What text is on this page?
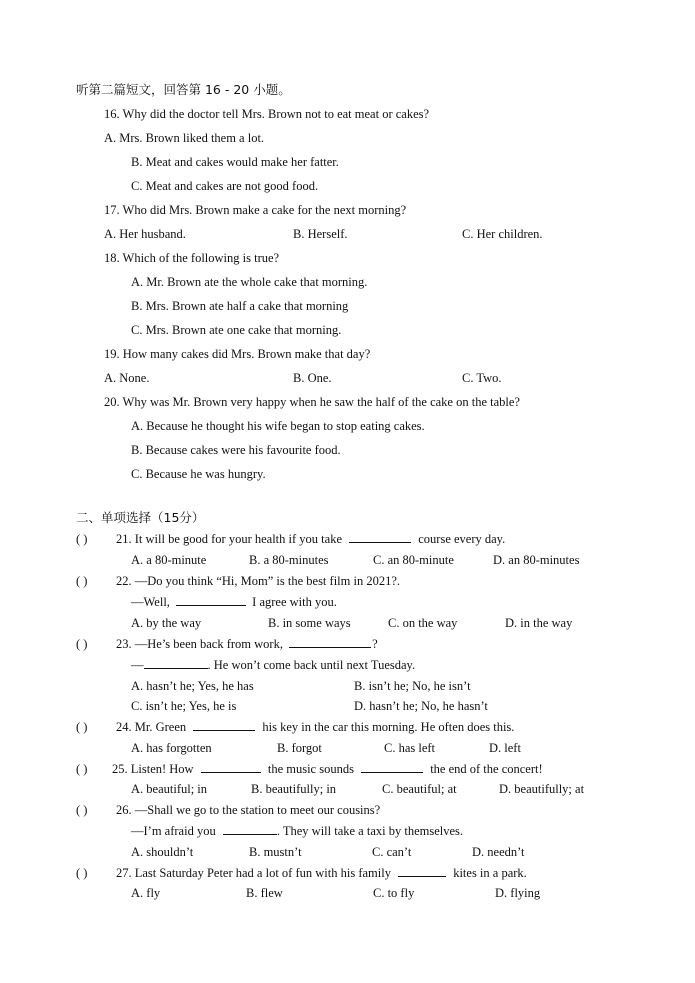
听第二篇短文，回答第 16 - 20 小题。
16. Why did the doctor tell Mrs. Brown not to eat meat or cakes?
A. Mrs. Brown liked them a lot.
B. Meat and cakes would make her fatter.
C. Meat and cakes are not good food.
17. Who did Mrs. Brown make a cake for the next morning?
A. Her husband.	B. Herself.	C. Her children.
18. Which of the following is true?
A. Mr. Brown ate the whole cake that morning.
B. Mrs. Brown ate half a cake that morning
C. Mrs. Brown ate one cake that morning.
19. How many cakes did Mrs. Brown make that day?
A. None.	B. One.	C. Two.
20. Why was Mr. Brown very happy when he saw the half of the cake on the table?
A. Because he thought his wife began to stop eating cakes.
B. Because cakes were his favourite food.
C. Because he was hungry.
二、单项选择（15分）
( ) 21. It will be good for your health if you take	course every day.
A. a 80-minute	B. a 80-minutes	C. an 80-minute	D. an 80-minutes
( ) 22. —Do you think “Hi, Mom” is the best film in 2021?.
—Well,	I agree with you.
A. by the way	B. in some ways	C. on the way	D. in the way
( ) 23. —He’s been back from work,	?
—	. He won’t come back until next Tuesday.
A. hasn’t he; Yes, he has	B. isn’t he; No, he isn’t
C. isn’t he; Yes, he is	D. hasn’t he; No, he hasn’t
( ) 24. Mr. Green	his key in the car this morning. He often does this.
A. has forgotten	B. forgot	C. has left	D. left
( ) 25. Listen! How	the music sounds	the end of the concert!
A. beautiful; in	B. beautifully; in	C. beautiful; at	D. beautifully; at
( ) 26. —Shall we go to the station to meet our cousins?
—I’m afraid you	. They will take a taxi by themselves.
A. shouldn’t	B. mustn’t	C. can’t	D. needn’t
( ) 27. Last Saturday Peter had a lot of fun with his family	kites in a park.
A. fly	B. flew	C. to fly	D. flying
